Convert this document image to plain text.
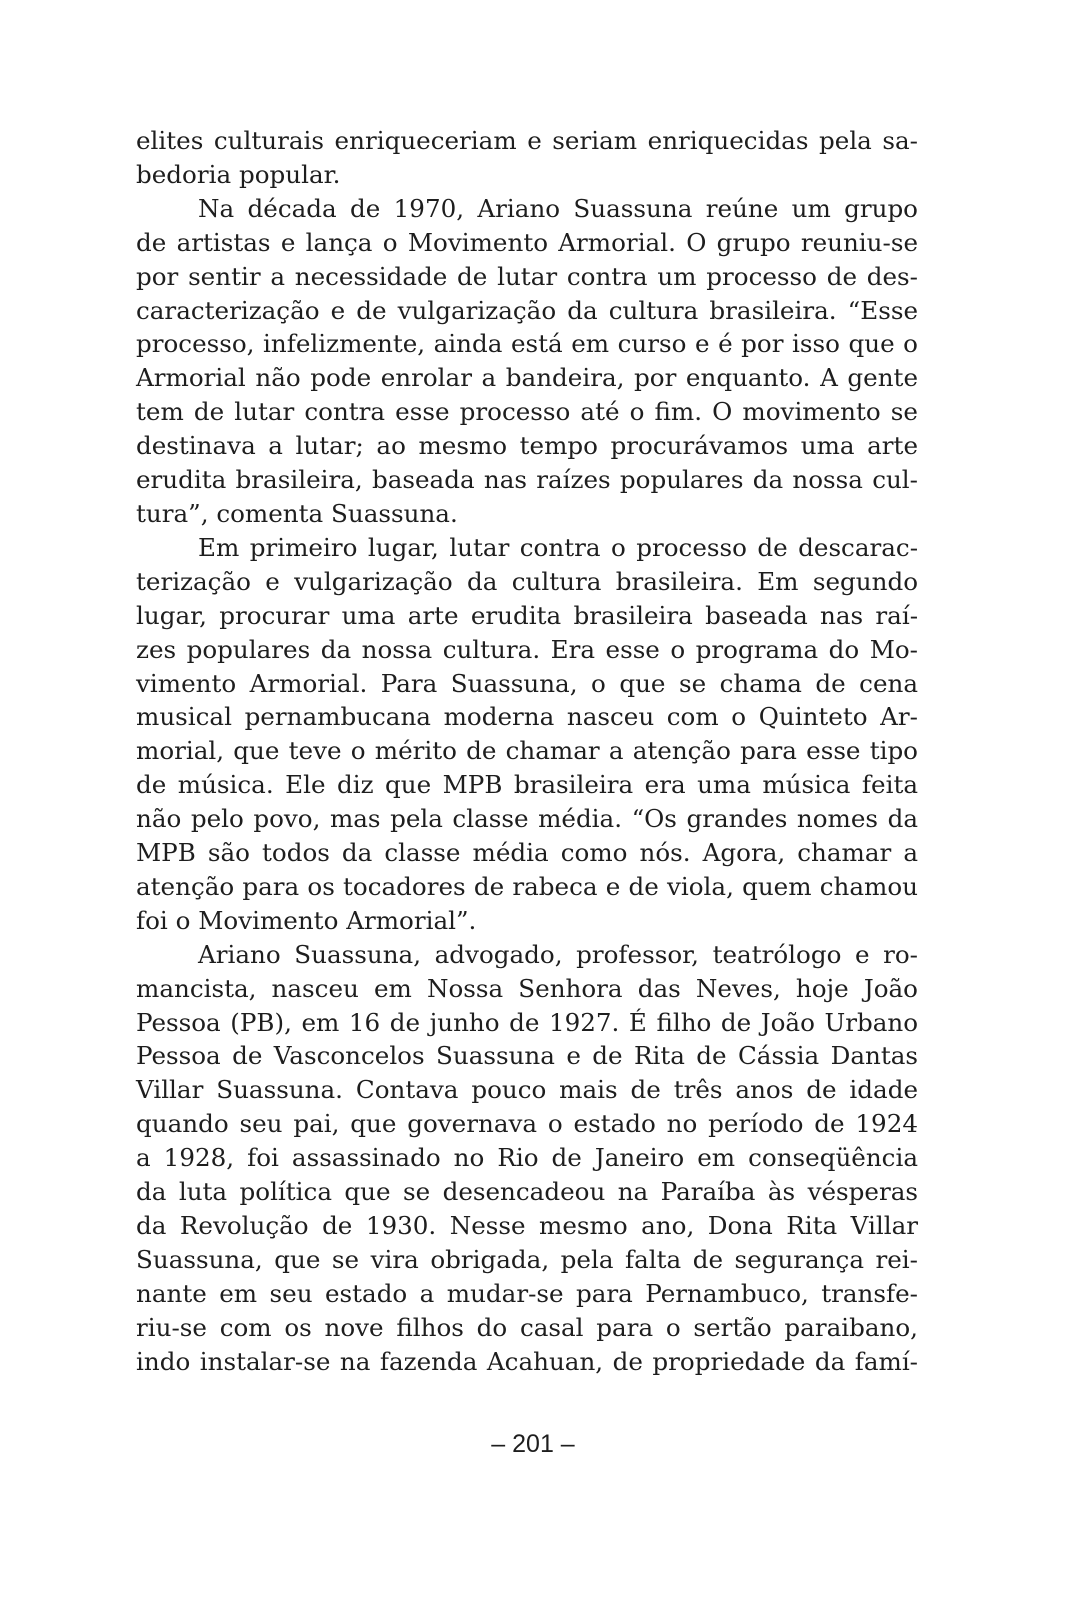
elites culturais enriqueceriam e seriam enriquecidas pela sa-
bedoria popular.
Na década de 1970, Ariano Suassuna reúne um grupo
de artistas e lança o Movimento Armorial. O grupo reuniu-se
por sentir a necessidade de lutar contra um processo de des-
caracterização e de vulgarização da cultura brasileira. “Esse
processo, infelizmente, ainda está em curso e é por isso que o
Armorial não pode enrolar a bandeira, por enquanto. A gente
tem de lutar contra esse processo até o fim. O movimento se
destinava a lutar; ao mesmo tempo procurávamos uma arte
erudita brasileira, baseada nas raízes populares da nossa cul-
tura”, comenta Suassuna.
Em primeiro lugar, lutar contra o processo de descarac-
terização e vulgarização da cultura brasileira. Em segundo
lugar, procurar uma arte erudita brasileira baseada nas raí-
zes populares da nossa cultura. Era esse o programa do Mo-
vimento Armorial. Para Suassuna, o que se chama de cena
musical pernambucana moderna nasceu com o Quinteto Ar-
morial, que teve o mérito de chamar a atenção para esse tipo
de música. Ele diz que MPB brasileira era uma música feita
não pelo povo, mas pela classe média. “Os grandes nomes da
MPB são todos da classe média como nós. Agora, chamar a
atenção para os tocadores de rabeca e de viola, quem chamou
foi o Movimento Armorial”.
Ariano Suassuna, advogado, professor, teatrólogo e ro-
mancista, nasceu em Nossa Senhora das Neves, hoje João
Pessoa (PB), em 16 de junho de 1927. É filho de João Urbano
Pessoa de Vasconcelos Suassuna e de Rita de Cássia Dantas
Villar Suassuna. Contava pouco mais de três anos de idade
quando seu pai, que governava o estado no período de 1924
a 1928, foi assassinado no Rio de Janeiro em conseqüência
da luta política que se desencadeou na Paraíba às vésperas
da Revolução de 1930. Nesse mesmo ano, Dona Rita Villar
Suassuna, que se vira obrigada, pela falta de segurança rei-
nante em seu estado a mudar-se para Pernambuco, transfe-
riu-se com os nove filhos do casal para o sertão paraibano,
indo instalar-se na fazenda Acahuan, de propriedade da famí-
– 201 –
